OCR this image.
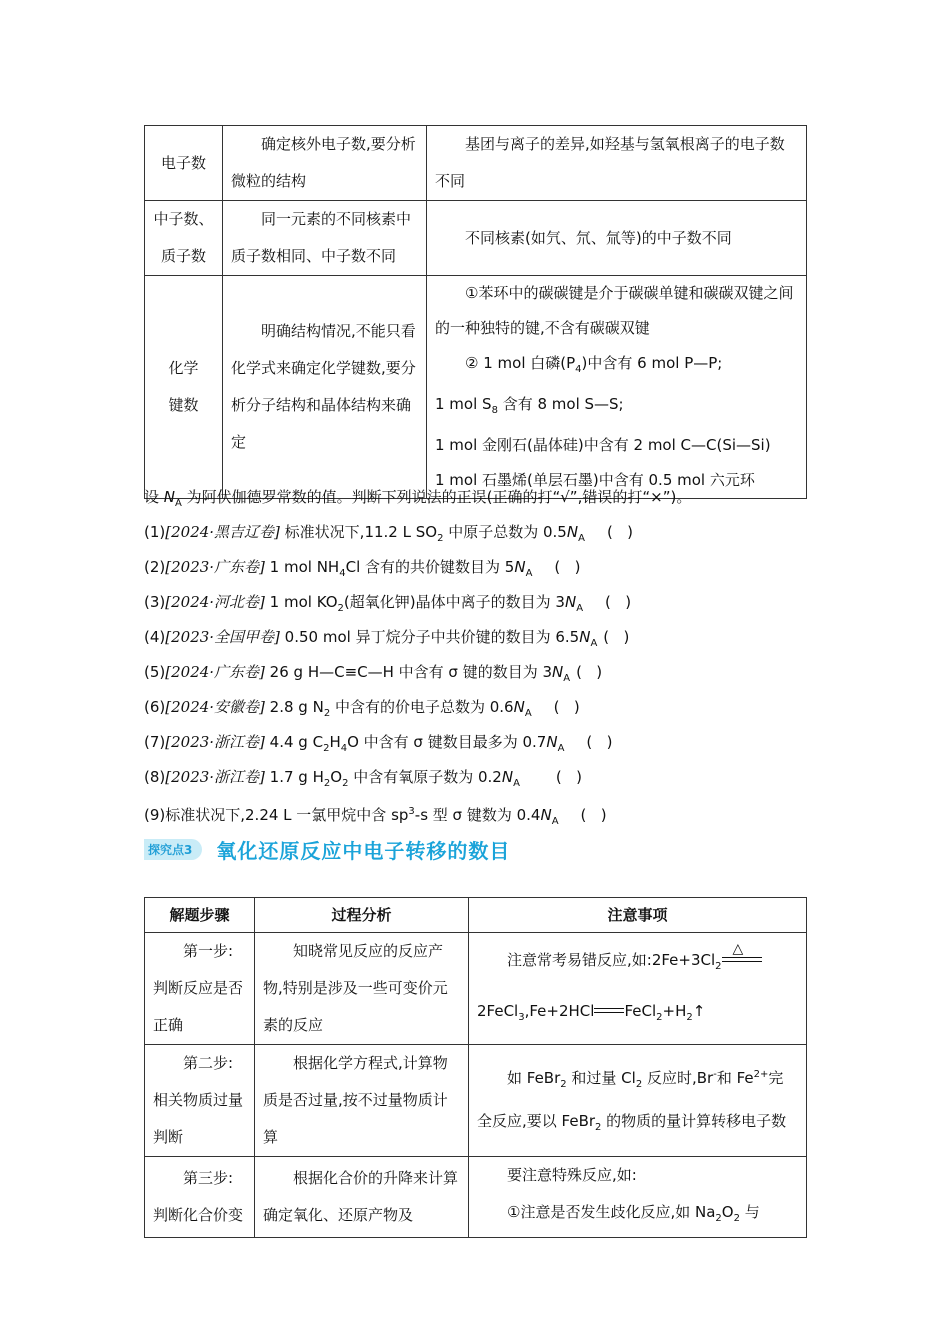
电子数	确定核外电子数,要分析微粒的结构	基团与离子的差异,如羟基与氢氧根离子的电子数不同
中子数、
质子数	同一元素的不同核素中质子数相同、中子数不同	不同核素(如氕、氘、氚等)的中子数不同
化学
键数	明确结构情况,不能只看化学式来确定化学键数,要分析分子结构和晶体结构来确定	①苯环中的碳碳键是介于碳碳单键和碳碳双键之间的一种独特的键,不含有碳碳双键
② 1 mol 白磷$(P_4)$中含有 6 mol P—P;
1 mol $S_8$ 含有 8 mol S—S;
1 mol 金刚石(晶体硅)中含有 2 mol C—C(Si—Si)
1 mol 石墨烯(单层石墨)中含有 0.5 mol 六元环
设 $N_A$ 为阿伏伽德罗常数的值。判断下列说法的正误(正确的打“√”,错误的打“×”)。
(1)[2024·黑吉辽卷] 标准状况下,11.2 L $SO_2$ 中原子总数为 $0.5N_A$ (   )
(2)[2023·广东卷] 1 mol $NH_4Cl$ 含有的共价键数目为 $5N_A$ (   )
(3)[2024·河北卷] 1 mol $KO_2$(超氧化钾)晶体中离子的数目为 $3N_A$ (   )
(4)[2023·全国甲卷] 0.50 mol 异丁烷分子中共价键的数目为 $6.5N_A$ (   )
(5)[2024·广东卷] 26 g H—C≡C—H 中含有 σ 键的数目为 $3N_A$ (   )
(6)[2024·安徽卷] 2.8 g $N_2$ 中含有的价电子总数为 $0.6N_A$ (   )
(7)[2023·浙江卷] 4.4 g $C_2H_4O$ 中含有 σ 键数目最多为 $0.7N_A$ (   )
(8)[2023·浙江卷] 1.7 g $H_2O_2$ 中含有氧原子数为 $0.2N_A$ (   )
(9)标准状况下,2.24 L 一氯甲烷中含 $sp^3-s$ 型 σ 键数为 $0.4N_A$ (   )
探究点3	氧化还原反应中电子转移的数目
解题步骤	过程分析	注意事项
第一步:判断反应是否正确	知晓常见反应的反应产物,特别是涉及一些可变价元素的反应	注意常考易错反应,如$:2Fe+3Cl_2$
△

2FeCl$_3$,Fe+2HCl $FeCl_2+H_2↑$
第二步:相关物质过量判断	根据化学方程式,计算物质是否过量,按不过量物质计算	如 FeBr$_2$ 和过量 $Cl_2$ 反应时,Br-和 $Fe^{2+}$完全反应,要以 FeBr$_2$ 的物质的量计算转移电子数
第三步:判断化合价变	根据化合价的升降来计算确定氧化、还原产物及	要注意特殊反应,如:
①注意是否发生歧化反应,如 $Na_2O_2$ 与
